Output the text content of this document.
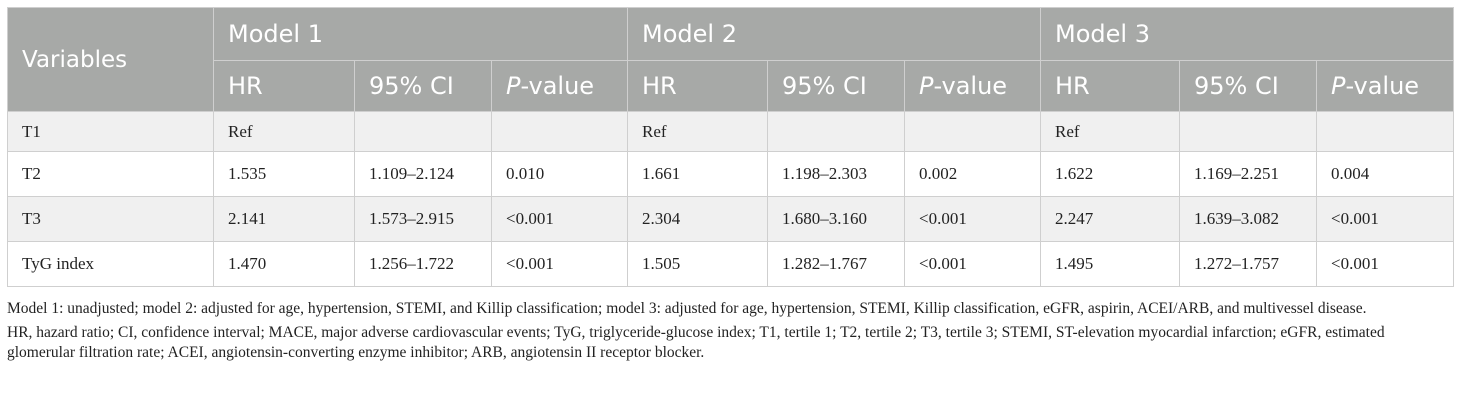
Variables	Model 1			Model 2			Model 3		
	HR	95% CI	P-value	HR	95% CI	P-value	HR	95% CI	P-value
T1	Ref			Ref			Ref		
T2	1.535	1.109–2.124	0.010	1.661	1.198–2.303	0.002	1.622	1.169–2.251	0.004
T3	2.141	1.573–2.915	<0.001	2.304	1.680–3.160	<0.001	2.247	1.639–3.082	<0.001
TyG index	1.470	1.256–1.722	<0.001	1.505	1.282–1.767	<0.001	1.495	1.272–1.757	<0.001

Model 1: unadjusted; model 2: adjusted for age, hypertension, STEMI, and Killip classification; model 3: adjusted for age, hypertension, STEMI, Killip classification, eGFR, aspirin, ACEI/ARB, and multivessel disease.

HR, hazard ratio; CI, confidence interval; MACE, major adverse cardiovascular events; TyG, triglyceride-glucose index; T1, tertile 1; T2, tertile 2; T3, tertile 3; STEMI, ST-elevation myocardial infarction; eGFR, estimated glomerular filtration rate; ACEI, angiotensin-converting enzyme inhibitor; ARB, angiotensin II receptor blocker.
